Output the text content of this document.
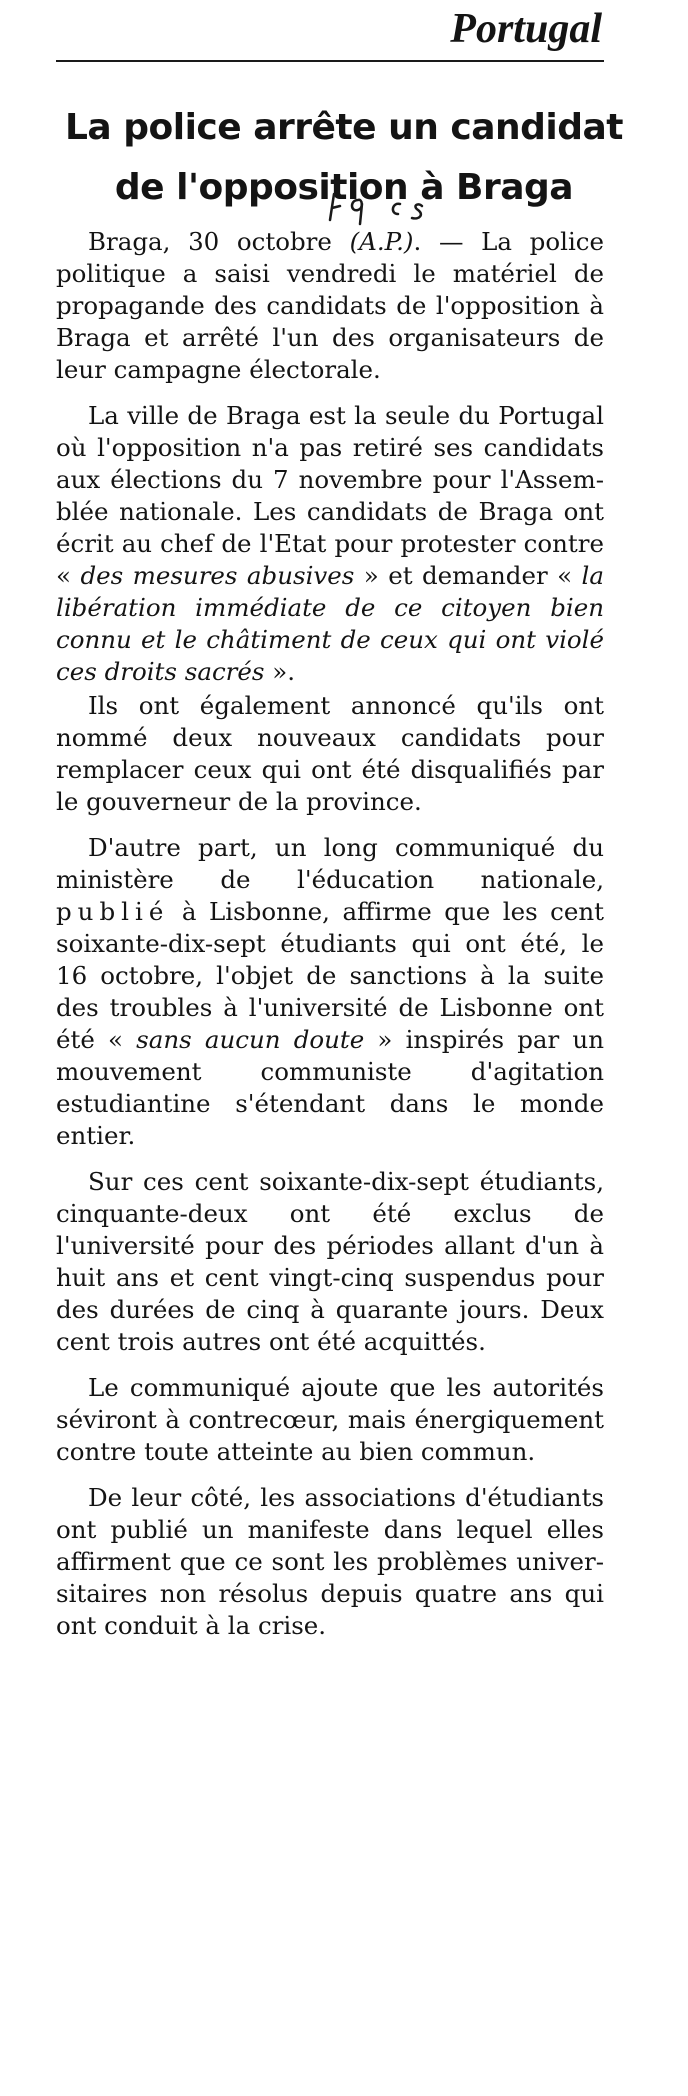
Portugal
La police arrête un candidat
de l'opposition à Braga

Braga, 30 octobre (A.P.). — La police politique a saisi vendredi le matériel de propagande des candidats de l'opposition à Braga et arrêté l'un des organisateurs de leur campagne électorale.

La ville de Braga est la seule du Portugal où l'opposition n'a pas retiré ses candidats aux élections du 7 novembre pour l'Assemblée nationale. Les candidats de Braga ont écrit au chef de l'Etat pour protester contre « des mesures abusives » et demander « la libération immédiate de ce citoyen bien connu et le châtiment de ceux qui ont violé ces droits sacrés ».

Ils ont également annoncé qu'ils ont nommé deux nouveaux candidats pour remplacer ceux qui ont été disqualifiés par le gouverneur de la province.

D'autre part, un long communiqué du ministère de l'éducation nationale, publié à Lisbonne, affirme que les cent soixante-dix-sept étudiants qui ont été, le 16 octobre, l'objet de sanctions à la suite des troubles à l'université de Lisbonne ont été « sans aucun doute » inspirés par un mouvement communiste d'agitation estudiantine s'étendant dans le monde entier.

Sur ces cent soixante-dix-sept étudiants, cinquante-deux ont été exclus de l'université pour des périodes allant d'un à huit ans et cent vingt-cinq suspendus pour des durées de cinq à quarante jours. Deux cent trois autres ont été acquittés.

Le communiqué ajoute que les autorités séviront à contrecœur, mais énergiquement contre toute atteinte au bien commun.

De leur côté, les associations d'étudiants ont publié un manifeste dans lequel elles affirment que ce sont les problèmes universitaires non résolus depuis quatre ans qui ont conduit à la crise.
